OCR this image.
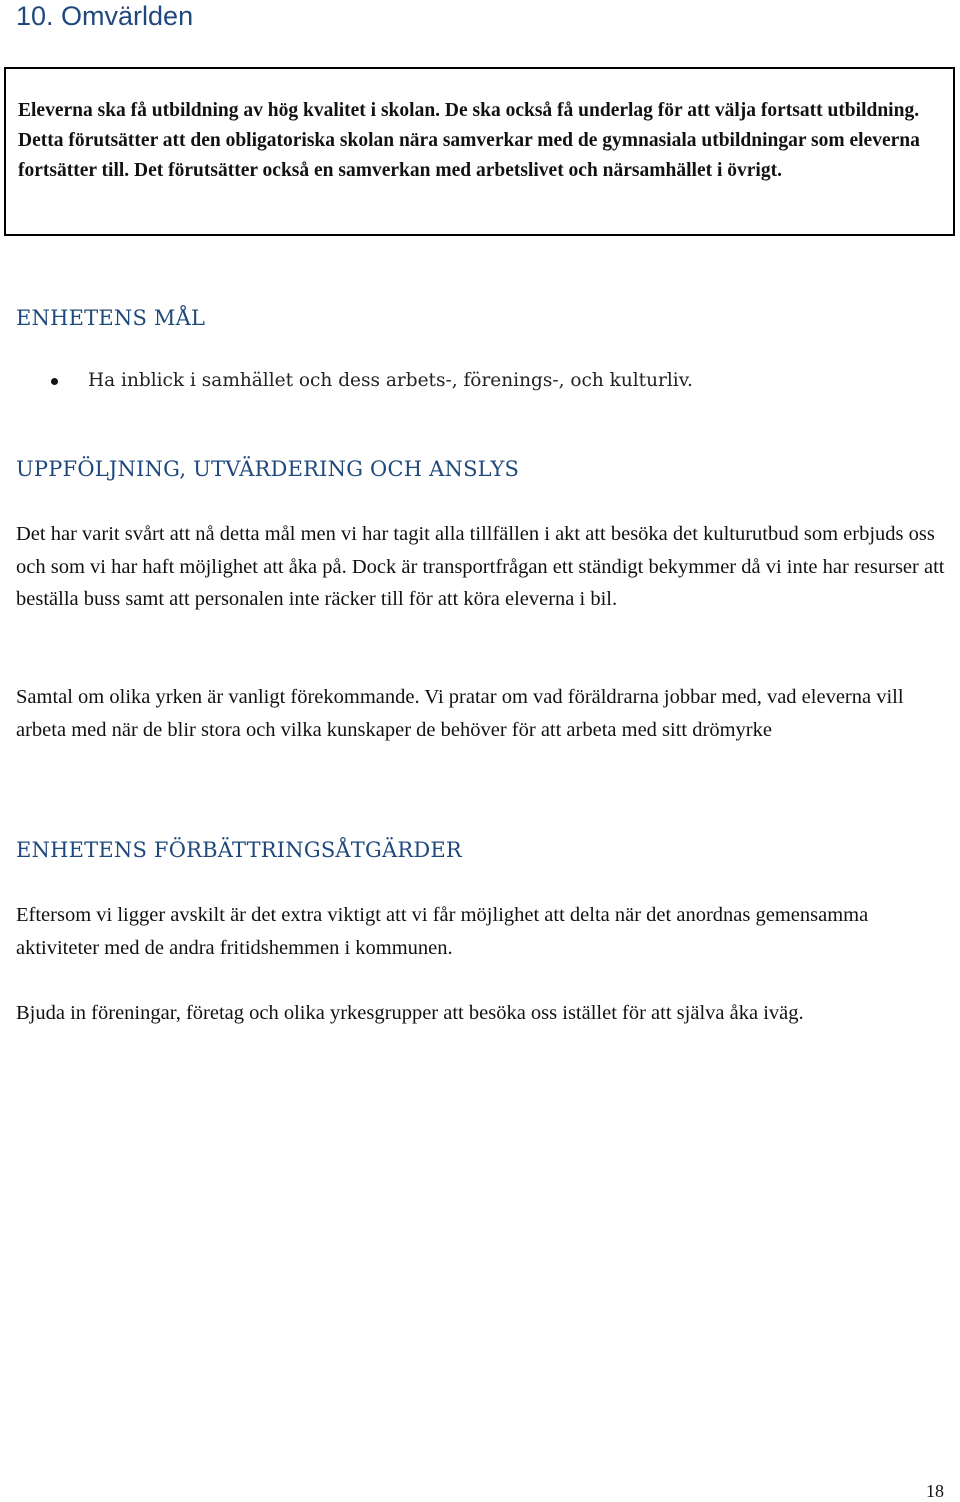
10. Omvärlden
Eleverna ska få utbildning av hög kvalitet i skolan. De ska också få underlag för att välja fortsatt utbildning. Detta förutsätter att den obligatoriska skolan nära samverkar med de gymnasiala utbildningar som eleverna fortsätter till. Det förutsätter också en samverkan med arbetslivet och närsamhället i övrigt.
ENHETENS MÅL
Ha inblick i samhället och dess arbets-, förenings-, och kulturliv.
UPPFÖLJNING, UTVÄRDERING OCH ANSLYS

Det har varit svårt att nå detta mål men vi har tagit alla tillfällen i akt att besöka det kulturutbud som erbjuds oss och som vi har haft möjlighet att åka på. Dock är transportfrågan ett ständigt bekymmer då vi inte har resurser att beställa buss samt att personalen inte räcker till för att köra eleverna i bil.

Samtal om olika yrken är vanligt förekommande. Vi pratar om vad föräldrarna jobbar med, vad eleverna vill arbeta med när de blir stora och vilka kunskaper de behöver för att arbeta med sitt drömyrke

ENHETENS FÖRBÄTTRINGSÅTGÄRDER

Eftersom vi ligger avskilt är det extra viktigt att vi får möjlighet att delta när det anordnas gemensamma aktiviteter med de andra fritidshemmen i kommunen.

Bjuda in föreningar, företag och olika yrkesgrupper att besöka oss istället för att själva åka iväg.

18
